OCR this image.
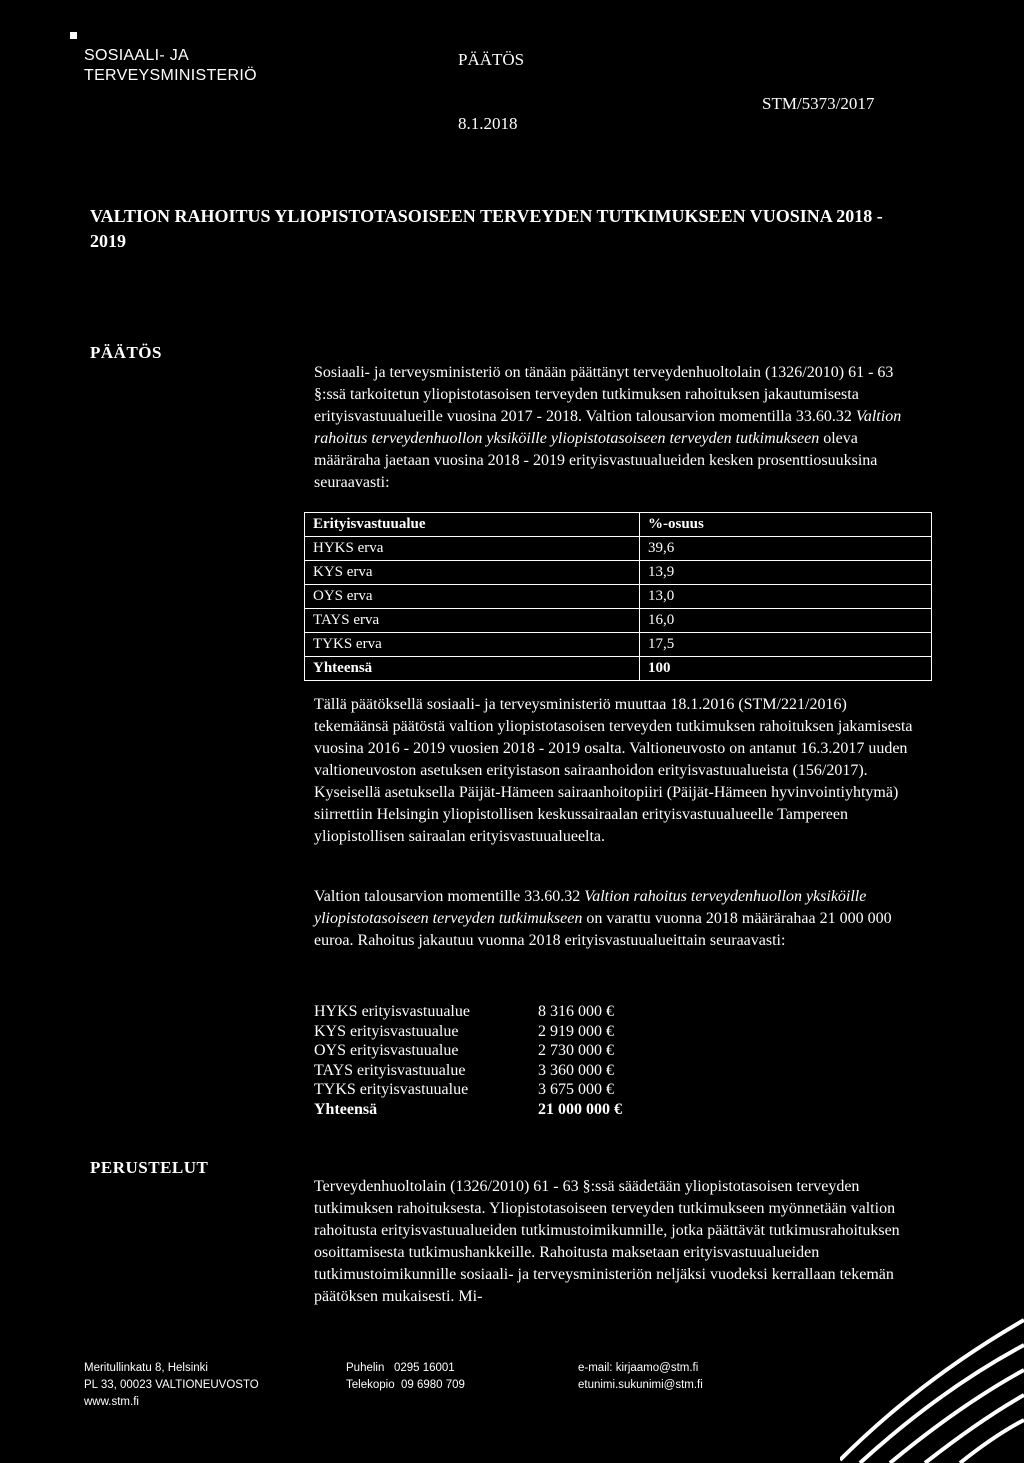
SOSIAALI- JA
TERVEYSMINISTERIÖ
PÄÄTÖS
STM/5373/2017
8.1.2018
VALTION RAHOITUS YLIOPISTOTASOISEEN TERVEYDEN TUTKIMUKSEEN VUOSINA 2018 - 2019
PÄÄTÖS
Sosiaali- ja terveysministeriö on tänään päättänyt terveydenhuoltolain (1326/2010) 61 - 63 §:ssä tarkoitetun yliopistotasoisen terveyden tutkimuksen rahoituksen jakautumisesta erityisvastuualueille vuosina 2017 - 2018. Valtion talousarvion momentilla 33.60.32 Valtion rahoitus terveydenhuollon yksiköille yliopistotasoiseen terveyden tutkimukseen oleva määräraha jaetaan vuosina 2018 - 2019 erityisvastuualueiden kesken prosenttiosuuksina seuraavasti:
Erityisvastuualue	%-osuus
HYKS erva	39,6
KYS erva	13,9
OYS erva	13,0
TAYS erva	16,0
TYKS erva	17,5
Yhteensä	100
Tällä päätöksellä sosiaali- ja terveysministeriö muuttaa 18.1.2016 (STM/221/2016) tekemäänsä päätöstä valtion yliopistotasoisen terveyden tutkimuksen rahoituksen jakamisesta vuosina 2016 - 2019 vuosien 2018 - 2019 osalta. Valtioneuvosto on antanut 16.3.2017 uuden valtioneuvoston asetuksen erityistason sairaanhoidon erityisvastuualueista (156/2017). Kyseisellä asetuksella Päijät-Hämeen sairaanhoitopiiri (Päijät-Hämeen hyvinvointiyhtymä) siirrettiin Helsingin yliopistollisen keskussairaalan erityisvastuualueelle Tampereen yliopistollisen sairaalan erityisvastuualueelta.
Valtion talousarvion momentille 33.60.32 Valtion rahoitus terveydenhuollon yksiköille yliopistotasoiseen terveyden tutkimukseen on varattu vuonna 2018 määrärahaa 21 000 000 euroa. Rahoitus jakautuu vuonna 2018 erityisvastuualueittain seuraavasti:
HYKS erityisvastuualue	8 316 000 €
KYS erityisvastuualue	2 919 000 €
OYS erityisvastuualue	2 730 000 €
TAYS erityisvastuualue	3 360 000 €
TYKS erityisvastuualue	3 675 000 €
Yhteensä	21 000 000 €
PERUSTELUT
Terveydenhuoltolain (1326/2010) 61 - 63 §:ssä säädetään yliopistotasoisen terveyden tutkimuksen rahoituksesta. Yliopistotasoiseen terveyden tutkimukseen myönnetään valtion rahoitusta erityisvastuualueiden tutkimustoimikunnille, jotka päättävät tutkimusrahoituksen osoittamisesta tutkimushankkeille. Rahoitusta maksetaan erityisvastuualueiden tutkimustoimikunnille sosiaali- ja terveysministeriön neljäksi vuodeksi kerrallaan tekemän päätöksen mukaisesti. Mi-
Meritullinkatu 8, Helsinki
PL 33, 00023 VALTIONEUVOSTO
www.stm.fi
Puhelin   0295 16001
Telekopio  09 6980 709
e-mail: kirjaamo@stm.fi
etunimi.sukunimi@stm.fi
